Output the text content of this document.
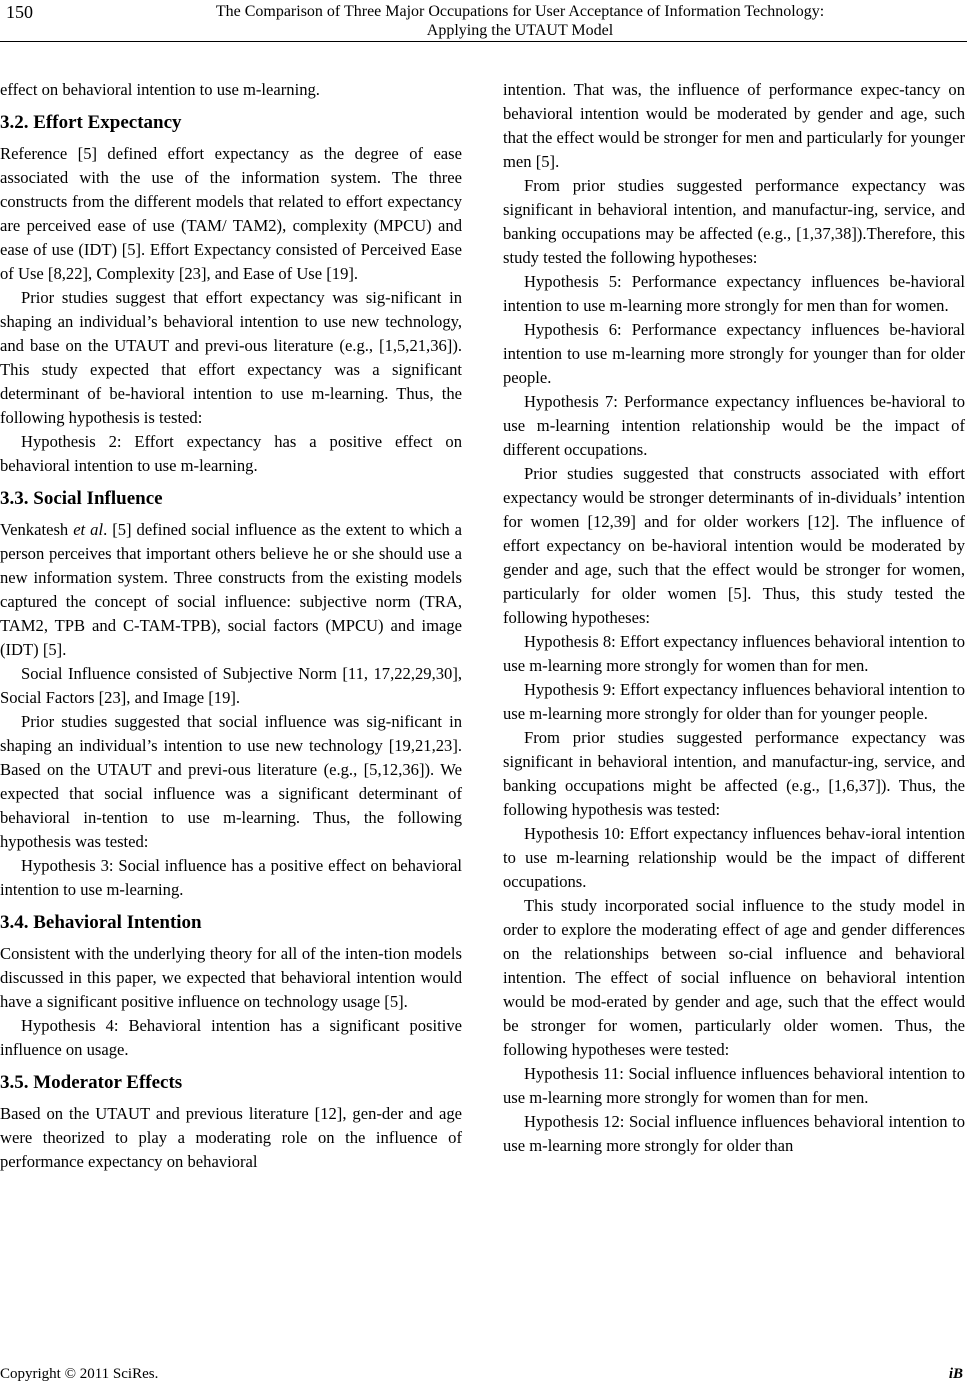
150	The Comparison of Three Major Occupations for User Acceptance of Information Technology:
Applying the UTAUT Model

effect on behavioral intention to use m-learning.

3.2. Effort Expectancy

Reference [5] defined effort expectancy as the degree of ease associated with the use of the information system. The three constructs from the different models that related to effort expectancy are perceived ease of use (TAM/ TAM2), complexity (MPCU) and ease of use (IDT) [5]. Effort Expectancy consisted of Perceived Ease of Use [8,22], Complexity [23], and Ease of Use [19].

Prior studies suggest that effort expectancy was sig-nificant in shaping an individual’s behavioral intention to use new technology, and base on the UTAUT and previ-ous literature (e.g., [1,5,21,36]). This study expected that effort expectancy was a significant determinant of be-havioral intention to use m-learning. Thus, the following hypothesis is tested:

Hypothesis 2: Effort expectancy has a positive effect on behavioral intention to use m-learning.

3.3. Social Influence

Venkatesh et al. [5] defined social influence as the extent to which a person perceives that important others believe he or she should use a new information system. Three constructs from the existing models captured the concept of social influence: subjective norm (TRA, TAM2, TPB and C-TAM-TPB), social factors (MPCU) and image (IDT) [5].

Social Influence consisted of Subjective Norm [11, 17,22,29,30], Social Factors [23], and Image [19].

Prior studies suggested that social influence was sig-nificant in shaping an individual’s intention to use new technology [19,21,23]. Based on the UTAUT and previ-ous literature (e.g., [5,12,36]). We expected that social influence was a significant determinant of behavioral in-tention to use m-learning. Thus, the following hypothesis was tested:

Hypothesis 3: Social influence has a positive effect on behavioral intention to use m-learning.

3.4. Behavioral Intention

Consistent with the underlying theory for all of the inten-tion models discussed in this paper, we expected that behavioral intention would have a significant positive influence on technology usage [5].

Hypothesis 4: Behavioral intention has a significant positive influence on usage.

3.5. Moderator Effects

Based on the UTAUT and previous literature [12], gen-der and age were theorized to play a moderating role on the influence of performance expectancy on behavioral

intention. That was, the influence of performance expec-tancy on behavioral intention would be moderated by gender and age, such that the effect would be stronger for men and particularly for younger men [5].

From prior studies suggested performance expectancy was significant in behavioral intention, and manufactur-ing, service, and banking occupations may be affected (e.g., [1,37,38]).Therefore, this study tested the following hypotheses:

Hypothesis 5: Performance expectancy influences be-havioral intention to use m-learning more strongly for men than for women.

Hypothesis 6: Performance expectancy influences be-havioral intention to use m-learning more strongly for younger than for older people.

Hypothesis 7: Performance expectancy influences be-havioral to use m-learning intention relationship would be the impact of different occupations.

Prior studies suggested that constructs associated with effort expectancy would be stronger determinants of in-dividuals’ intention for women [12,39] and for older workers [12]. The influence of effort expectancy on be-havioral intention would be moderated by gender and age, such that the effect would be stronger for women, particularly for older women [5]. Thus, this study tested the following hypotheses:

Hypothesis 8: Effort expectancy influences behavioral intention to use m-learning more strongly for women than for men.

Hypothesis 9: Effort expectancy influences behavioral intention to use m-learning more strongly for older than for younger people.

From prior studies suggested performance expectancy was significant in behavioral intention, and manufactur-ing, service, and banking occupations might be affected (e.g., [1,6,37]). Thus, the following hypothesis was tested:

Hypothesis 10: Effort expectancy influences behav-ioral intention to use m-learning relationship would be the impact of different occupations.

This study incorporated social influence to the study model in order to explore the moderating effect of age and gender differences on the relationships between so-cial influence and behavioral intention. The effect of social influence on behavioral intention would be mod-erated by gender and age, such that the effect would be stronger for women, particularly older women. Thus, the following hypotheses were tested:

Hypothesis 11: Social influence influences behavioral intention to use m-learning more strongly for women than for men.

Hypothesis 12: Social influence influences behavioral intention to use m-learning more strongly for older than

Copyright © 2011 SciRes.	iB
